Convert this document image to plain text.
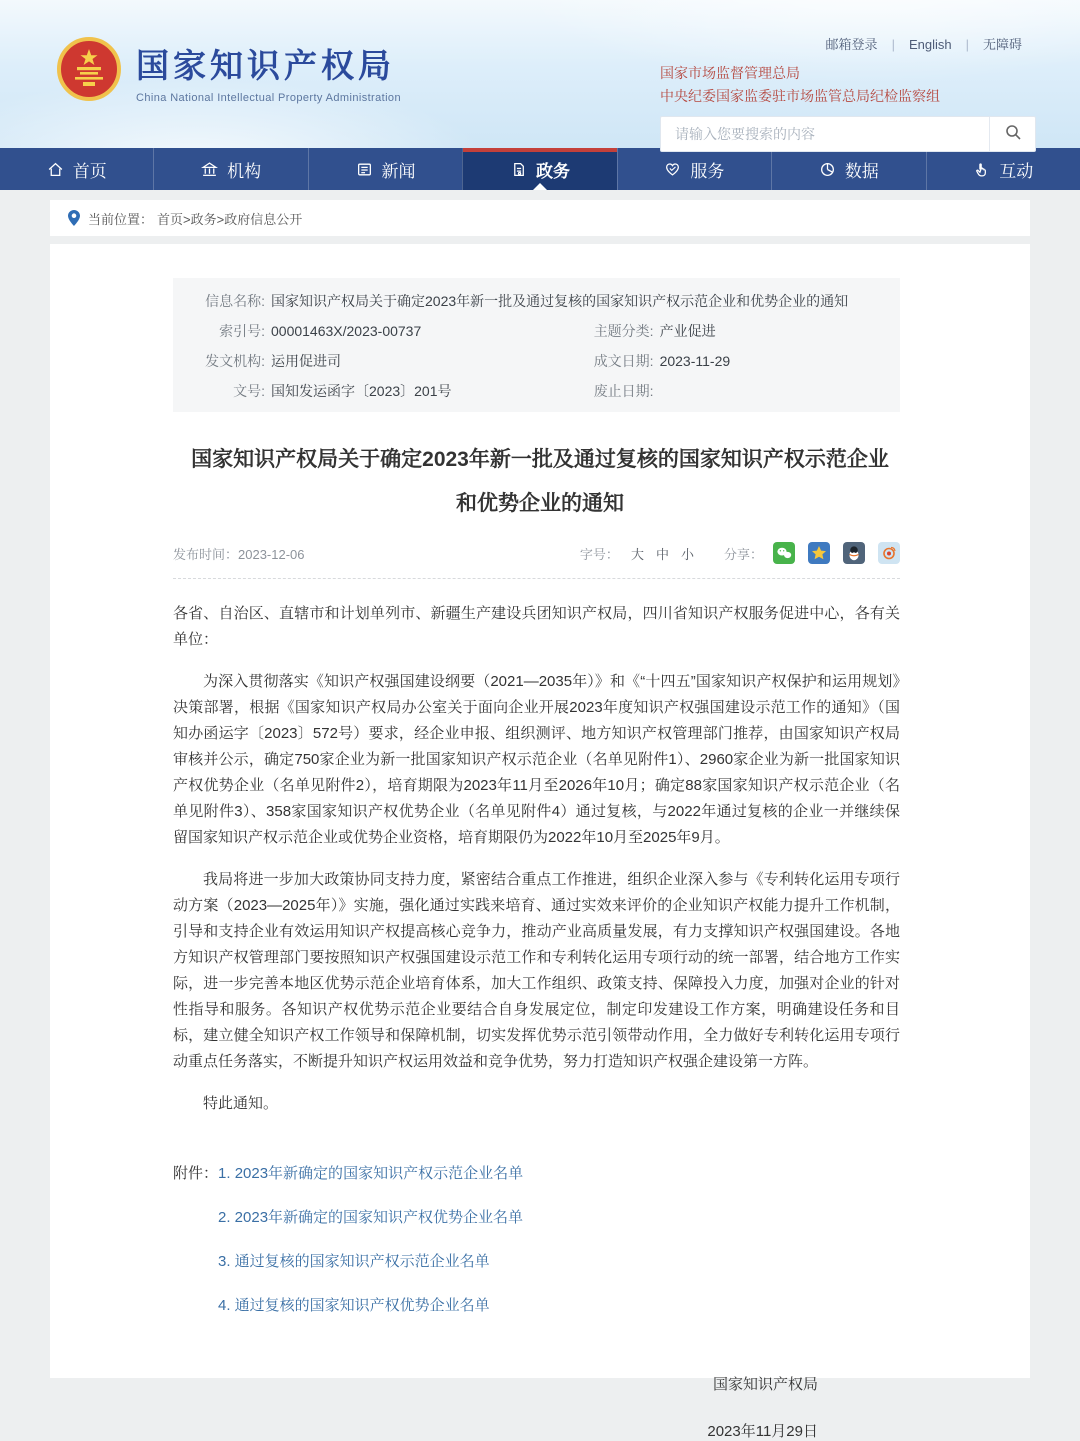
国家知识产权局
China National Intellectual Property Administration
邮箱登录 | English | 无障碍
国家市场监督管理总局
中央纪委国家监委驻市场监管总局纪检监察组
请输入您要搜索的内容
首页	机构	新闻	政务	服务	数据	互动
当前位置： 首页>政务>政府信息公开
信息名称: 国家知识产权局关于确定2023年新一批及通过复核的国家知识产权示范企业和优势企业的通知
索引号: 00001463X/2023-00737	主题分类: 产业促进
发文机构: 运用促进司	成文日期: 2023-11-29
文号: 国知发运函字〔2023〕201号	废止日期:
国家知识产权局关于确定2023年新一批及通过复核的国家知识产权示范企业
和优势企业的通知
发布时间：2023-12-06	字号： 大 中 小 分享：

各省、自治区、直辖市和计划单列市、新疆生产建设兵团知识产权局，四川省知识产权服务促进中心，各有关单位：

为深入贯彻落实《知识产权强国建设纲要（2021—2035年）》和《“十四五”国家知识产权保护和运用规划》决策部署，根据《国家知识产权局办公室关于面向企业开展2023年度知识产权强国建设示范工作的通知》（国知办函运字〔2023〕572号）要求，经企业申报、组织测评、地方知识产权管理部门推荐，由国家知识产权局审核并公示，确定750家企业为新一批国家知识产权示范企业（名单见附件1）、2960家企业为新一批国家知识产权优势企业（名单见附件2），培育期限为2023年11月至2026年10月；确定88家国家知识产权示范企业（名单见附件3）、358家国家知识产权优势企业（名单见附件4）通过复核，与2022年通过复核的企业一并继续保留国家知识产权示范企业或优势企业资格，培育期限仍为2022年10月至2025年9月。

我局将进一步加大政策协同支持力度，紧密结合重点工作推进，组织企业深入参与《专利转化运用专项行动方案（2023—2025年）》实施，强化通过实践来培育、通过实效来评价的企业知识产权能力提升工作机制，引导和支持企业有效运用知识产权提高核心竞争力，推动产业高质量发展，有力支撑知识产权强国建设。各地方知识产权管理部门要按照知识产权强国建设示范工作和专利转化运用专项行动的统一部署，结合地方工作实际，进一步完善本地区优势示范企业培育体系，加大工作组织、政策支持、保障投入力度，加强对企业的针对性指导和服务。各知识产权优势示范企业要结合自身发展定位，制定印发建设工作方案，明确建设任务和目标，建立健全知识产权工作领导和保障机制，切实发挥优势示范引领带动作用，全力做好专利转化运用专项行动重点任务落实，不断提升知识产权运用效益和竞争优势，努力打造知识产权强企建设第一方阵。

特此通知。

附件： 1. 2023年新确定的国家知识产权示范企业名单
2. 2023年新确定的国家知识产权优势企业名单
3. 通过复核的国家知识产权示范企业名单
4. 通过复核的国家知识产权优势企业名单
国家知识产权局
2023年11月29日
